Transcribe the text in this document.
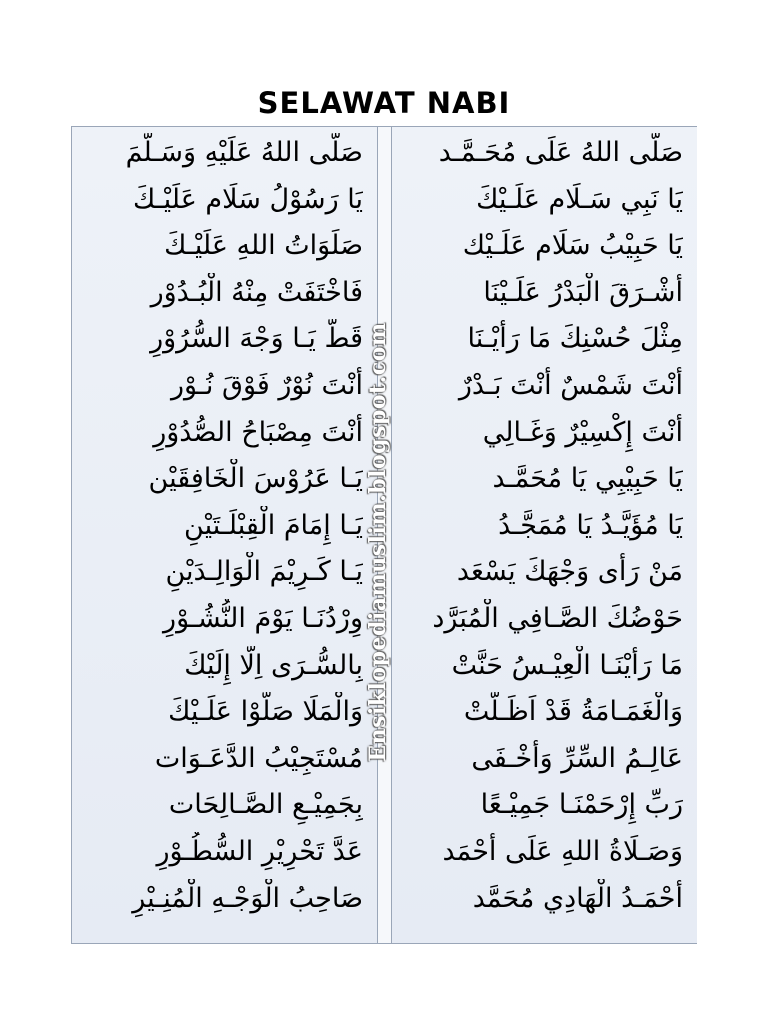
SELAWAT NABI
صَلَّى اللهُ عَلَيْهِ وَسَـلَّمَ
يَا رَسُوْلُ سَلَام عَلَيْـكَ
صَلَوَاتُ اللهِ عَلَيْـكَ
فَاخْتَفَتْ مِنْهُ الْبُـدُوْر
قَطُّ يَـا وَجْهَ السُّرُوْرِ
أَنْتَ نُوْرٌ فَوْقَ نُـوْر
أَنْتَ مِصْبَاحُ الصُّدُوْرِ
يَـا عَرُوْسَ الْخَافِقَيْن
يَـا إِمَامَ الْقِبْلَـتَيْنِ
يَـا كَـرِيْمَ الْوَالِـدَيْنِ
وِرْدُنَـا يَوْمَ النُّشُـوْرِ
بِالسُّـرَى اِلَّا إِلَيْكَ
وَالْمَلَا صَلُّوْا عَلَـيْكَ
مُسْتَجِيْبُ الدَّعَـوَات
بِجَمِيْـعِ الصَّـالِحَات
عَدَّ تَحْرِيْرِ السُّطُـوْرِ
صَاحِبُ الْوَجْـهِ الْمُنِـيْرِ
صَلَّى اللهُ عَلَى مُحَـمَّـد
يَا نَبِي سَـلَام عَلَـيْكَ
يَا حَبِيْبُ سَلَام عَلَـيْك
أَشْـرَقَ الْبَدْرُ عَلَـيْنَا
مِثْلَ حُسْنِكَ مَا رَأَيْـنَا
أَنْتَ شَمْسٌ أَنْتَ بَـدْرٌ
أَنْتَ إِكْسِيْرٌ وَغَـالِي
يَا حَبِيْبِي يَا مُحَمَّـد
يَا مُؤَيَّـدُ يَا مُمَجَّـدُ
مَنْ رَأَى وَجْهَكَ يَسْعَد
حَوْضُكَ الصَّـافِي الْمُبَرَّد
مَا رَأَيْنَـا الْعِيْـسُ حَنَّتْ
وَالْغَمَـامَةُ قَدْ اَظَـلَّتْ
عَالِـمُ السِّرِّ وَأَخْـفَى
رَبِّ إِرْحَمْنَـا جَمِيْـعًا
وَصَـلَاةُ اللهِ عَلَى أَحْمَد
أَحْمَـدُ الْهَادِي مُحَمَّد
Ensiklopediamuslim.blogspot.com
